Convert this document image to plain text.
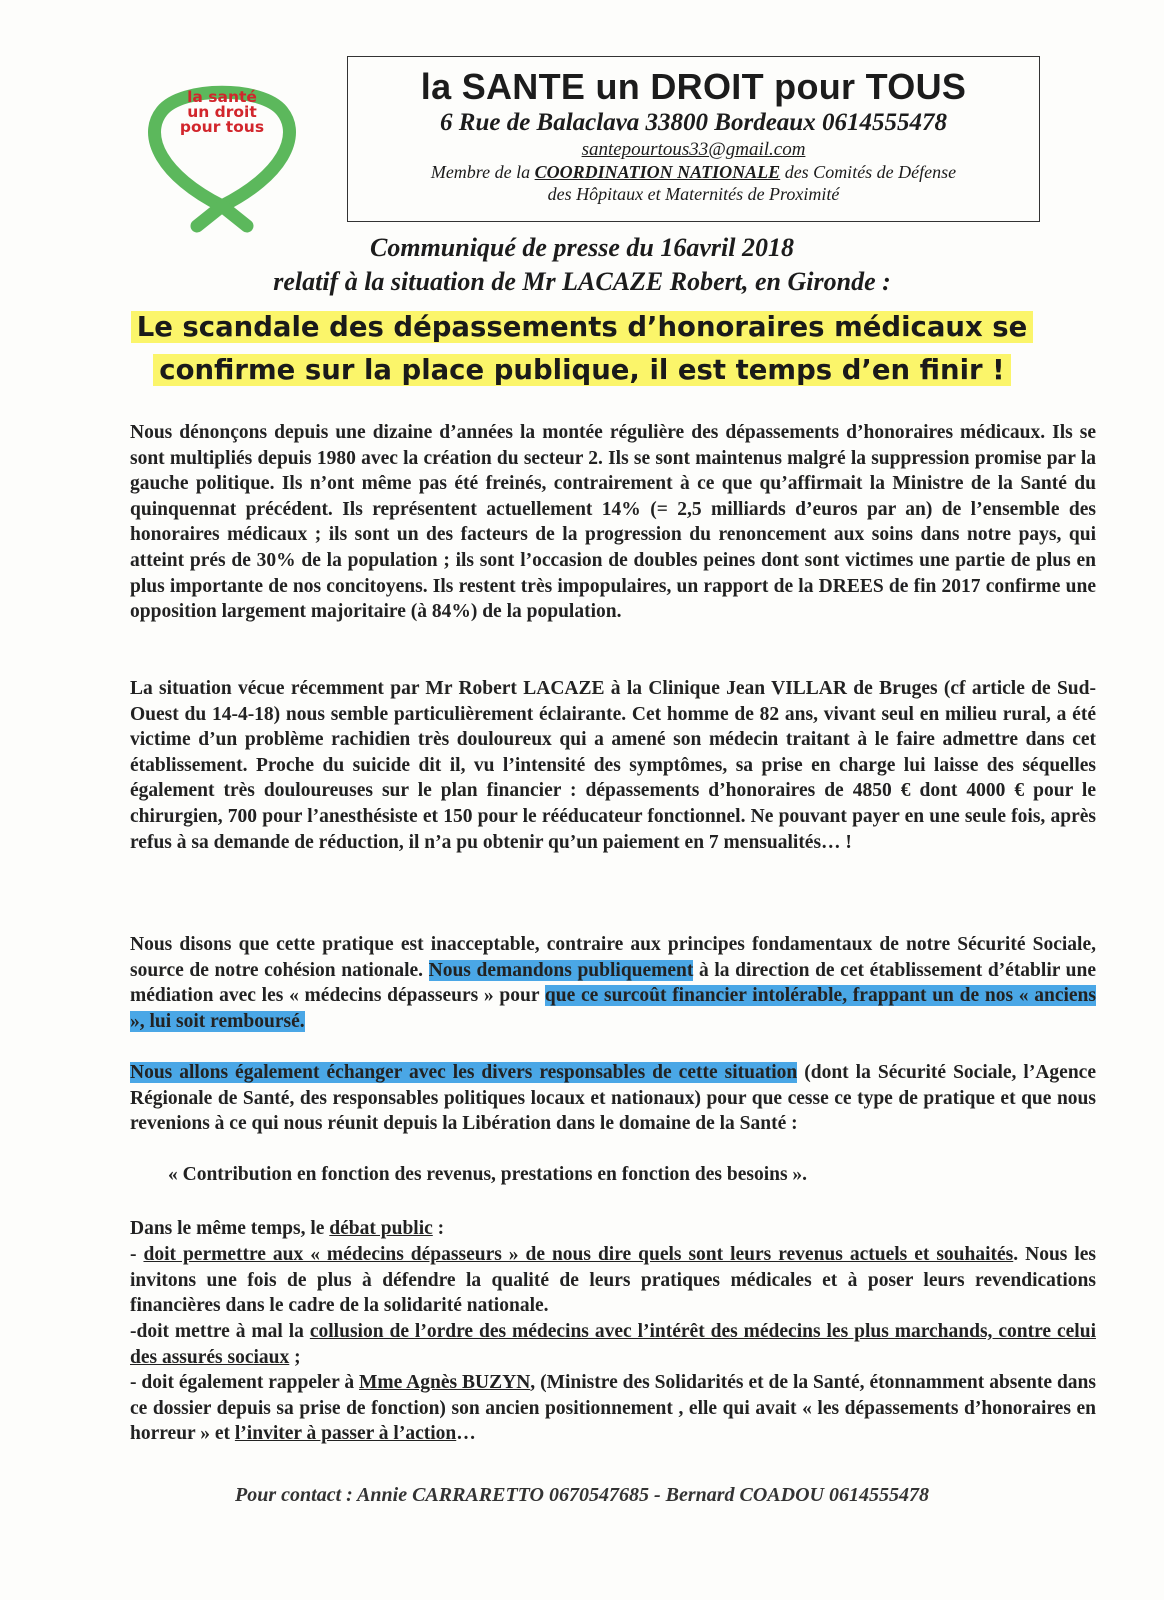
la santé
un droit
pour tous
la SANTE un DROIT pour TOUS
6 Rue de Balaclava 33800 Bordeaux 0614555478
santepourtous33@gmail.com
Membre de la COORDINATION NATIONALE des Comités de Défense
des Hôpitaux et Maternités de Proximité
Communiqué de presse du 16avril 2018
relatif à la situation de Mr LACAZE Robert, en Gironde :
Le scandale des dépassements d’honoraires médicaux se
confirme sur la place publique, il est temps d’en finir !
Nous dénonçons depuis une dizaine d’années la montée régulière des dépassements d’honoraires médicaux. Ils se sont multipliés depuis 1980 avec la création du secteur 2. Ils se sont maintenus malgré la suppression promise par la gauche politique. Ils n’ont même pas été freinés, contrairement à ce que qu’affirmait la Ministre de la Santé du quinquennat précédent. Ils représentent actuellement 14% (= 2,5 milliards d’euros par an) de l’ensemble des honoraires médicaux ; ils sont un des facteurs de la progression du renoncement aux soins dans notre pays, qui atteint prés de 30% de la population ; ils sont l’occasion de doubles peines dont sont victimes une partie de plus en plus importante de nos concitoyens. Ils restent très impopulaires, un rapport de la DREES de fin 2017 confirme une opposition largement majoritaire (à 84%) de la population.
La situation vécue récemment par Mr Robert LACAZE à la Clinique Jean VILLAR de Bruges (cf article de Sud-Ouest du 14-4-18) nous semble particulièrement éclairante. Cet homme de 82 ans, vivant seul en milieu rural, a été victime d’un problème rachidien très douloureux qui a amené son médecin traitant à le faire admettre dans cet établissement. Proche du suicide dit il, vu l’intensité des symptômes, sa prise en charge lui laisse des séquelles également très douloureuses sur le plan financier : dépassements d’honoraires de 4850 € dont 4000 € pour le chirurgien, 700 pour l’anesthésiste et 150 pour le rééducateur fonctionnel. Ne pouvant payer en une seule fois, après refus à sa demande de réduction, il n’a pu obtenir qu’un paiement en 7 mensualités… !
Nous disons que cette pratique est inacceptable, contraire aux principes fondamentaux de notre Sécurité Sociale, source de notre cohésion nationale. Nous demandons publiquement à la direction de cet établissement d’établir une médiation avec les « médecins dépasseurs » pour que ce surcoût financier intolérable, frappant un de nos « anciens », lui soit remboursé.
Nous allons également échanger avec les divers responsables de cette situation (dont la Sécurité Sociale, l’Agence Régionale de Santé, des responsables politiques locaux et nationaux) pour que cesse ce type de pratique et que nous revenions à ce qui nous réunit depuis la Libération dans le domaine de la Santé :
« Contribution en fonction des revenus, prestations en fonction des besoins ».
Dans le même temps, le débat public :
- doit permettre aux « médecins dépasseurs » de nous dire quels sont leurs revenus actuels et souhaités. Nous les invitons une fois de plus à défendre la qualité de leurs pratiques médicales et à poser leurs revendications financières dans le cadre de la solidarité nationale.
-doit mettre à mal la collusion de l’ordre des médecins avec l’intérêt des médecins les plus marchands, contre celui des assurés sociaux ;
- doit également rappeler à Mme Agnès BUZYN, (Ministre des Solidarités et de la Santé, étonnamment absente dans ce dossier depuis sa prise de fonction) son ancien positionnement , elle qui avait « les dépassements d’honoraires en horreur » et l’inviter à passer à l’action…
Pour contact : Annie CARRARETTO 0670547685 - Bernard COADOU 0614555478
